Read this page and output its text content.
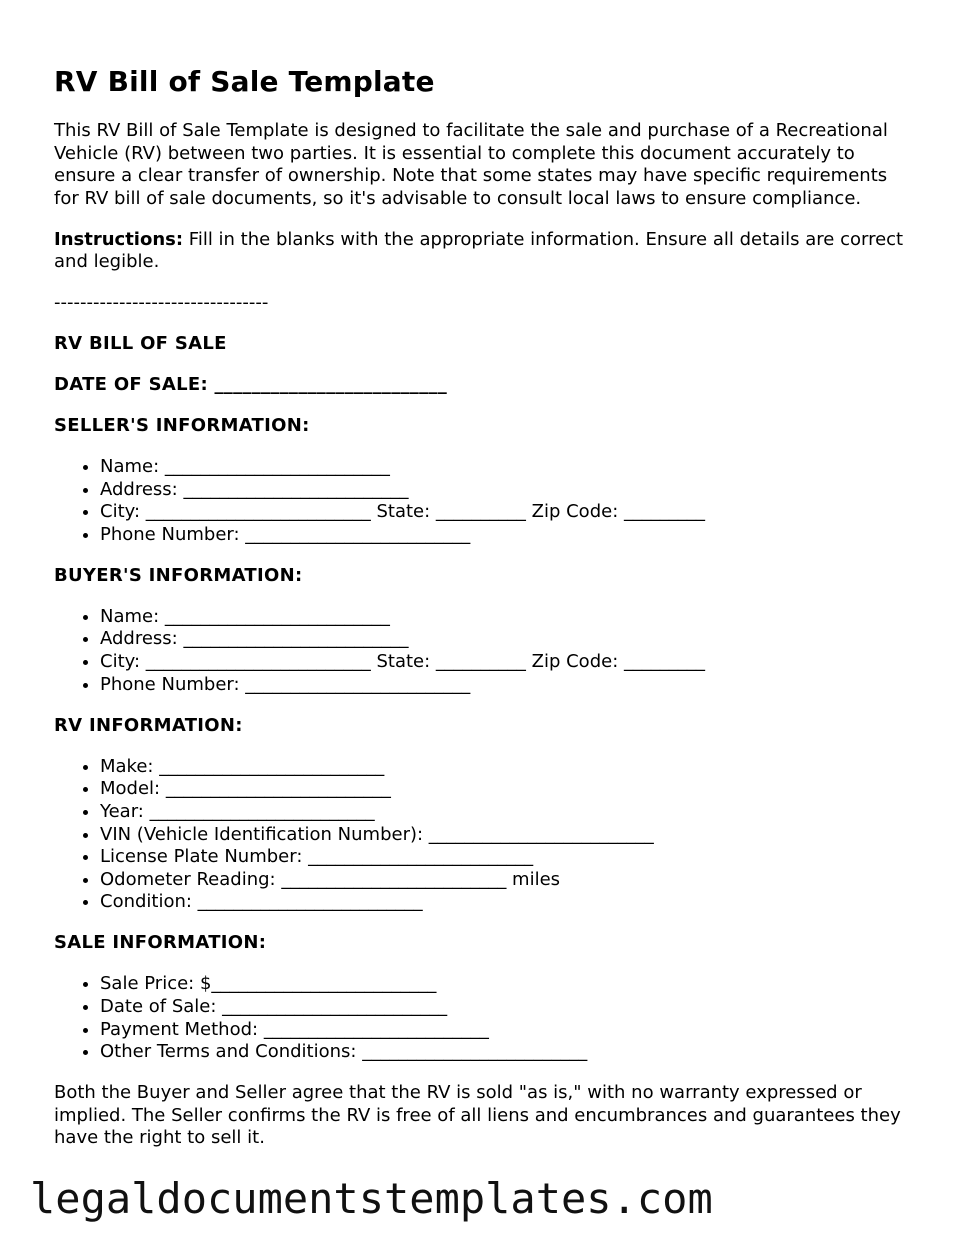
RV Bill of Sale Template

This RV Bill of Sale Template is designed to facilitate the sale and purchase of a Recreational Vehicle (RV) between two parties. It is essential to complete this document accurately to ensure a clear transfer of ownership. Note that some states may have specific requirements for RV bill of sale documents, so it's advisable to consult local laws to ensure compliance.

Instructions: Fill in the blanks with the appropriate information. Ensure all details are correct and legible.

---------------------------------

RV BILL OF SALE
DATE OF SALE: _________________________
SELLER'S INFORMATION:
• Name: _________________________
• Address: _________________________
• City: _________________________ State: __________ Zip Code: _________
• Phone Number: _________________________
BUYER'S INFORMATION:
• Name: _________________________
• Address: _________________________
• City: _________________________ State: __________ Zip Code: _________
• Phone Number: _________________________
RV INFORMATION:
• Make: _________________________
• Model: _________________________
• Year: _________________________
• VIN (Vehicle Identification Number): _________________________
• License Plate Number: _________________________
• Odometer Reading: _________________________ miles
• Condition: _________________________
SALE INFORMATION:
• Sale Price: $_________________________
• Date of Sale: _________________________
• Payment Method: _________________________
• Other Terms and Conditions: _________________________

Both the Buyer and Seller agree that the RV is sold "as is," with no warranty expressed or implied. The Seller confirms the RV is free of all liens and encumbrances and guarantees they have the right to sell it.

legaldocumentstemplates.com
